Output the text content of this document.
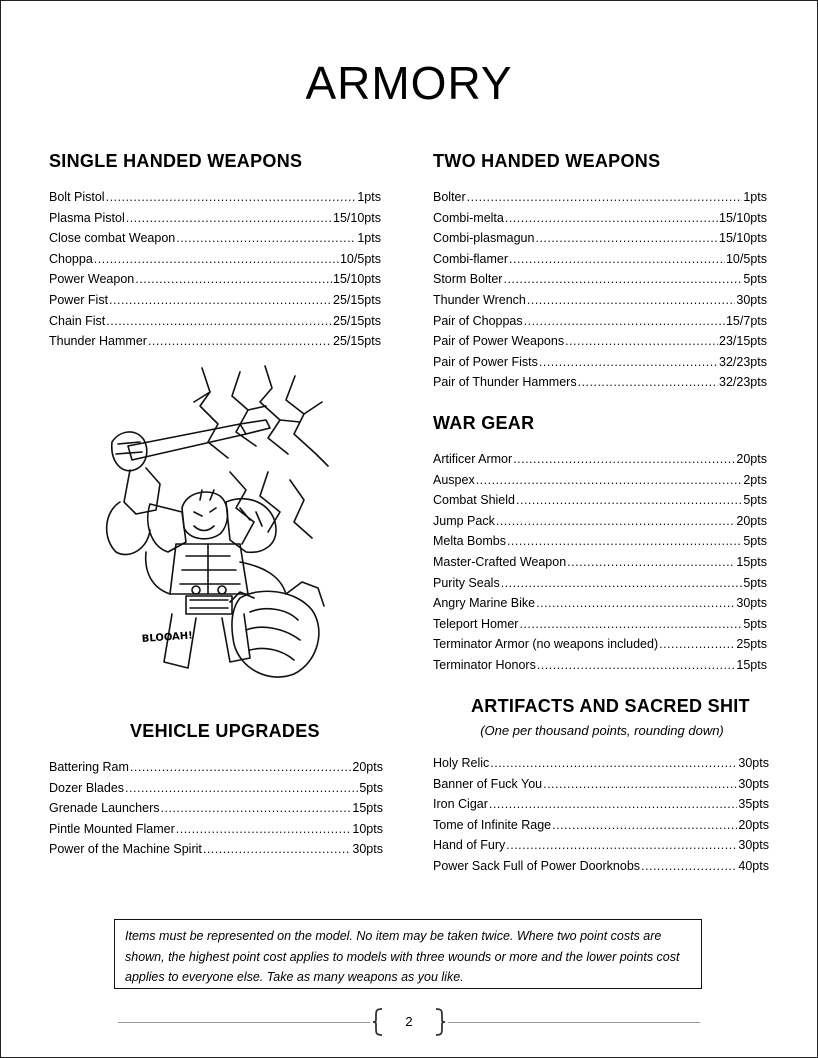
ARMORY
SINGLE HANDED WEAPONS
Bolt Pistol .....	1pts
Plasma Pistol .....	15/10pts
Close combat Weapon .....	1pts
Choppa .....	10/5pts
Power Weapon .....	15/10pts
Power Fist .....	25/15pts
Chain Fist .....	25/15pts
Thunder Hammer .....	25/15pts
TWO HANDED WEAPONS
Bolter .....	1pts
Combi-melta .....	15/10pts
Combi-plasmagun .....	15/10pts
Combi-flamer .....	10/5pts
Storm Bolter .....	5pts
Thunder Wrench .....	30pts
Pair of Choppas .....	15/7pts
Pair of Power Weapons .....	23/15pts
Pair of Power Fists .....	32/23pts
Pair of Thunder Hammers .....	32/23pts
WAR GEAR
Artificer Armor .....	20pts
Auspex .....	2pts
Combat Shield .....	5pts
Jump Pack .....	20pts
Melta Bombs .....	5pts
Master-Crafted Weapon .....	15pts
Purity Seals .....	5pts
Angry Marine Bike .....	30pts
Teleport Homer .....	5pts
Terminator Armor (no weapons included) .....	25pts
Terminator Honors .....	15pts
BLOOAH!
VEHICLE UPGRADES
Battering Ram .....	20pts
Dozer Blades .....	5pts
Grenade Launchers .....	15pts
Pintle Mounted Flamer .....	10pts
Power of the Machine Spirit .....	30pts
ARTIFACTS AND SACRED SHIT
(One per thousand points, rounding down)
Holy Relic .....	30pts
Banner of Fuck You .....	30pts
Iron Cigar .....	35pts
Tome of Infinite Rage .....	20pts
Hand of Fury .....	30pts
Power Sack Full of Power Doorknobs .....	40pts
Items must be represented on the model. No item may be taken twice. Where two point costs are shown, the highest point cost applies to models with three wounds or more and the lower points cost applies to everyone else. Take as many weapons as you like.
2
